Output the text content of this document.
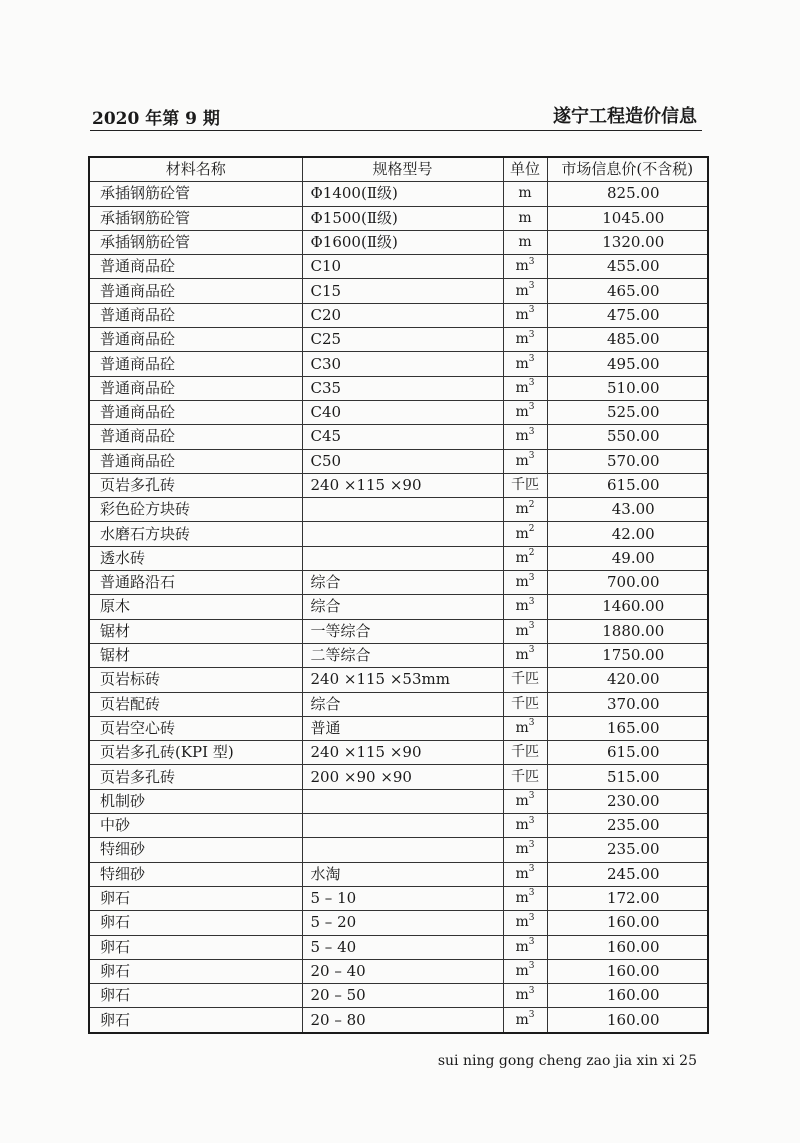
2020 年第 9 期	遂宁工程造价信息
材料名称	规格型号	单位	市场信息价(不含税)
承插钢筋砼管	Φ1400(Ⅱ级)	m	825.00
承插钢筋砼管	Φ1500(Ⅱ级)	m	1045.00
承插钢筋砼管	Φ1600(Ⅱ级)	m	1320.00
普通商品砼	C10	$m^3$	455.00
普通商品砼	C15	$m^3$	465.00
普通商品砼	C20	$m^3$	475.00
普通商品砼	C25	$m^3$	485.00
普通商品砼	C30	$m^3$	495.00
普通商品砼	C35	$m^3$	510.00
普通商品砼	C40	$m^3$	525.00
普通商品砼	C45	$m^3$	550.00
普通商品砼	C50	$m^3$	570.00
页岩多孔砖	240 ×115 ×90	千匹	615.00
彩色砼方块砖		$m^2$	43.00
水磨石方块砖		$m^2$	42.00
透水砖		$m^2$	49.00
普通路沿石	综合	$m^3$	700.00
原木	综合	$m^3$	1460.00
锯材	一等综合	$m^3$	1880.00
锯材	二等综合	$m^3$	1750.00
页岩标砖	240 ×115 ×53mm	千匹	420.00
页岩配砖	综合	千匹	370.00
页岩空心砖	普通	$m^3$	165.00
页岩多孔砖(KPI 型)	240 ×115 ×90	千匹	615.00
页岩多孔砖	200 ×90 ×90	千匹	515.00
机制砂		$m^3$	230.00
中砂		$m^3$	235.00
特细砂		$m^3$	235.00
特细砂	水淘	$m^3$	245.00
卵石	5 – 10	$m^3$	172.00
卵石	5 – 20	$m^3$	160.00
卵石	5 – 40	$m^3$	160.00
卵石	20 – 40	$m^3$	160.00
卵石	20 – 50	$m^3$	160.00
卵石	20 – 80	$m^3$	160.00
sui ning gong cheng zao jia xin xi 25
